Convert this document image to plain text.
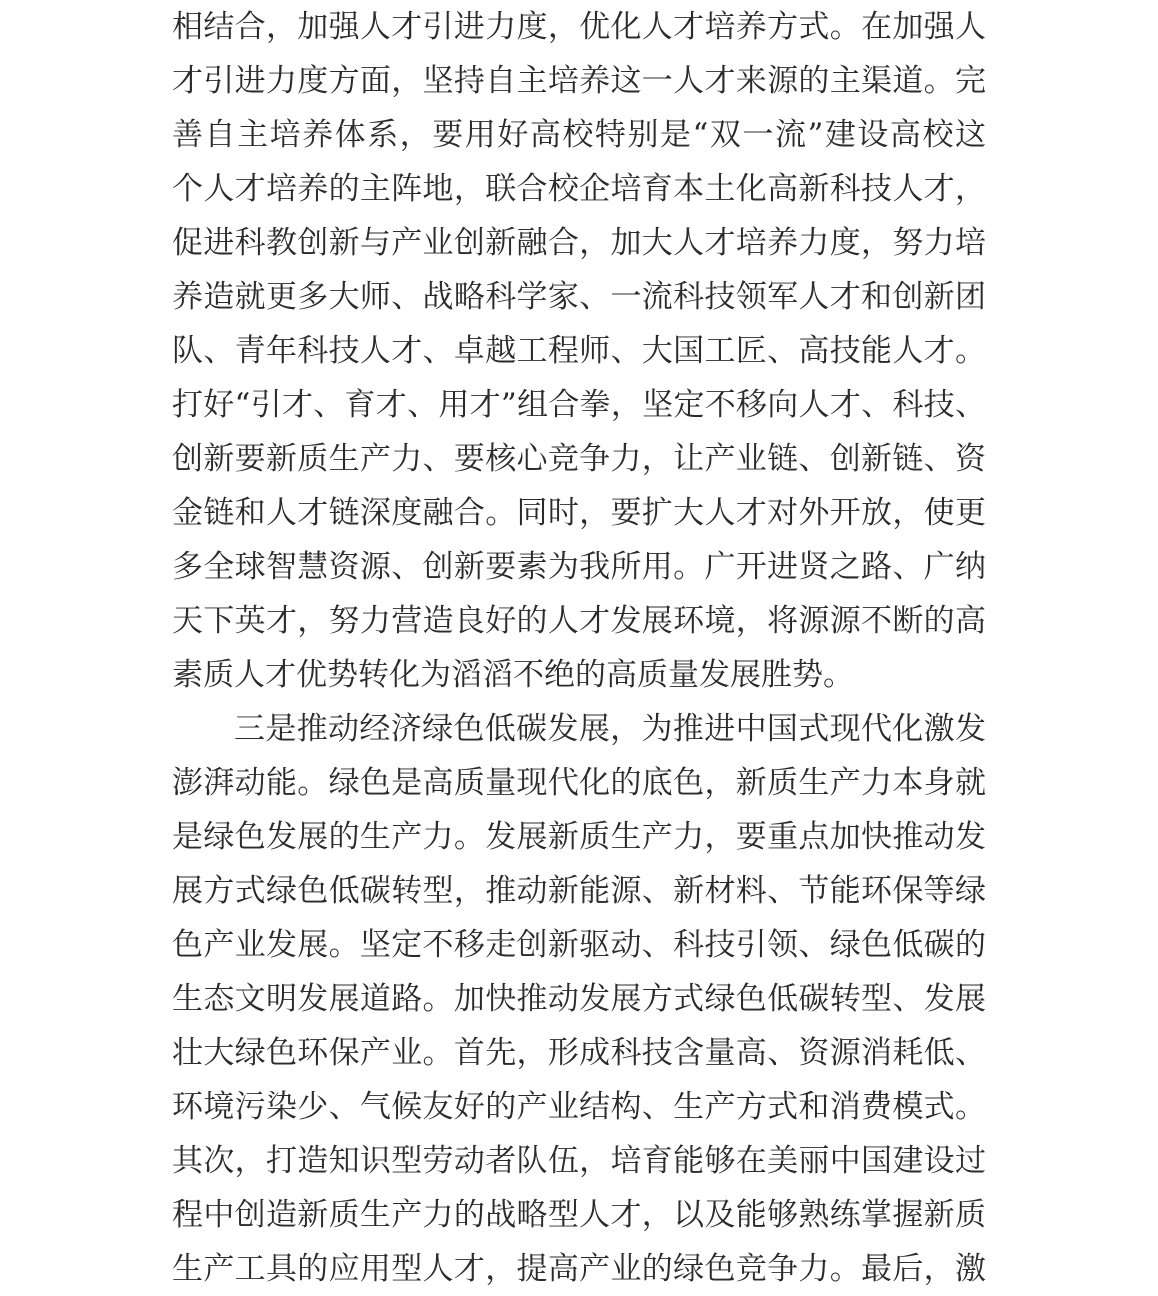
相结合，加强人才引进力度，优化人才培养方式。在加强人
才引进力度方面，坚持自主培养这一人才来源的主渠道。完
善自主培养体系，要用好高校特别是“双一流”建设高校这
个人才培养的主阵地，联合校企培育本土化高新科技人才，
促进科教创新与产业创新融合，加大人才培养力度，努力培
养造就更多大师、战略科学家、一流科技领军人才和创新团
队、青年科技人才、卓越工程师、大国工匠、高技能人才。
打好“引才、育才、用才”组合拳，坚定不移向人才、科技、
创新要新质生产力、要核心竞争力，让产业链、创新链、资
金链和人才链深度融合。同时，要扩大人才对外开放，使更
多全球智慧资源、创新要素为我所用。广开进贤之路、广纳
天下英才，努力营造良好的人才发展环境，将源源不断的高
素质人才优势转化为滔滔不绝的高质量发展胜势。
三是推动经济绿色低碳发展，为推进中国式现代化激发
澎湃动能。绿色是高质量现代化的底色，新质生产力本身就
是绿色发展的生产力。发展新质生产力，要重点加快推动发
展方式绿色低碳转型，推动新能源、新材料、节能环保等绿
色产业发展。坚定不移走创新驱动、科技引领、绿色低碳的
生态文明发展道路。加快推动发展方式绿色低碳转型、发展
壮大绿色环保产业。首先，形成科技含量高、资源消耗低、
环境污染少、气候友好的产业结构、生产方式和消费模式。
其次，打造知识型劳动者队伍，培育能够在美丽中国建设过
程中创造新质生产力的战略型人才，以及能够熟练掌握新质
生产工具的应用型人才，提高产业的绿色竞争力。最后，激
